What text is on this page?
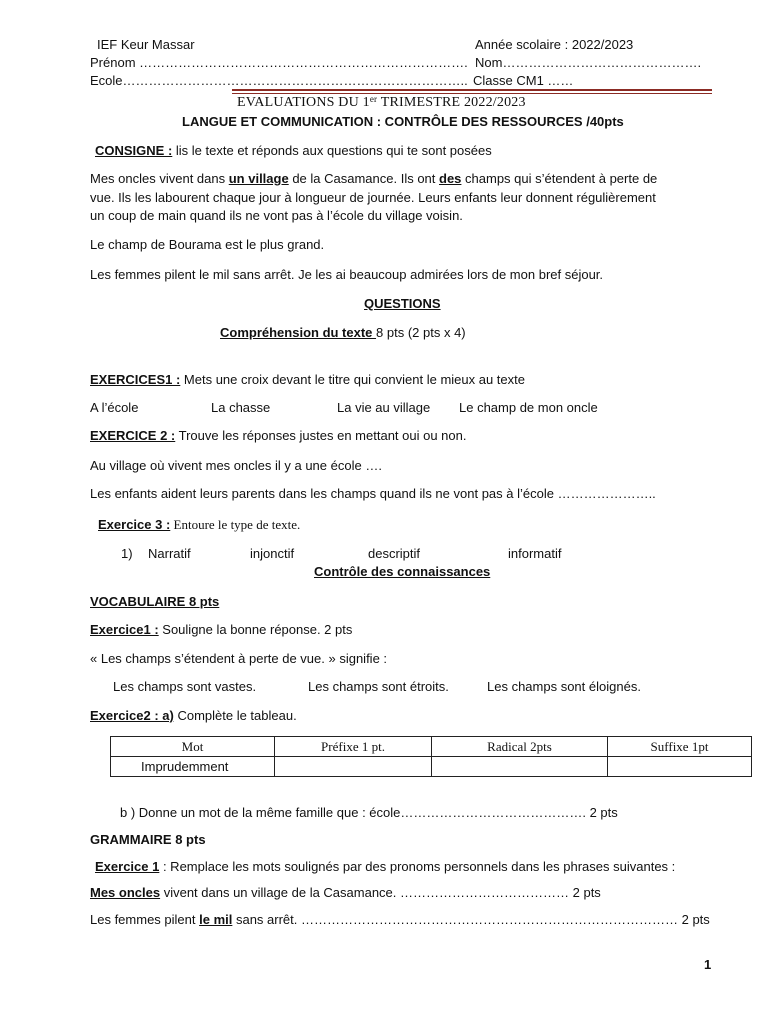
IEF Keur Massar	Année scolaire : 2022/2023
Prénom …………………………………………………………………. Nom……………………………………….
Ecole…………………………………………………………………….. Classe CM1 ……
EVALUATIONS DU 1er TRIMESTRE 2022/2023
LANGUE ET COMMUNICATION : CONTRÔLE DES RESSOURCES /40pts
CONSIGNE : lis le texte et réponds aux questions qui te sont posées
Mes oncles vivent dans un village de la Casamance. Ils ont des champs qui s’étendent à perte de
vue. Ils les labourent chaque jour à longueur de journée. Leurs enfants leur donnent régulièrement
un coup de main quand ils ne vont pas à l’école du village voisin.
Le champ de Bourama est le plus grand.
Les femmes pilent le mil sans arrêt. Je les ai beaucoup admirées lors de mon bref séjour.
QUESTIONS
Compréhension du texte 8 pts (2 pts x 4)
EXERCICES1 : Mets une croix devant le titre qui convient le mieux au texte
A l’école	La chasse	La vie au village Le champ de mon oncle
EXERCICE 2 : Trouve les réponses justes en mettant oui ou non.
Au village où vivent mes oncles il y a une école ….
Les enfants aident leurs parents dans les champs quand ils ne vont pas à l’école …………………..
Exercice 3 : Entoure le type de texte.
1) Narratif	injonctif	descriptif	informatif
Contrôle des connaissances
VOCABULAIRE 8 pts
Exercice1 : Souligne la bonne réponse. 2 pts
« Les champs s’étendent à perte de vue. » signifie :
Les champs sont vastes.	Les champs sont étroits.	Les champs sont éloignés.
Exercice2 : a) Complète le tableau.
Mot	Préfixe 1 pt.	Radical 2pts	Suffixe 1pt
Imprudemment			
b ) Donne un mot de la même famille que : école……………………………………. 2 pts
GRAMMAIRE 8 pts
Exercice 1 : Remplace les mots soulignés par des pronoms personnels dans les phrases suivantes :
Mes oncles vivent dans un village de la Casamance. ………………………………… 2 pts
Les femmes pilent le mil sans arrêt. …………………………………………………………………………… 2 pts
1
